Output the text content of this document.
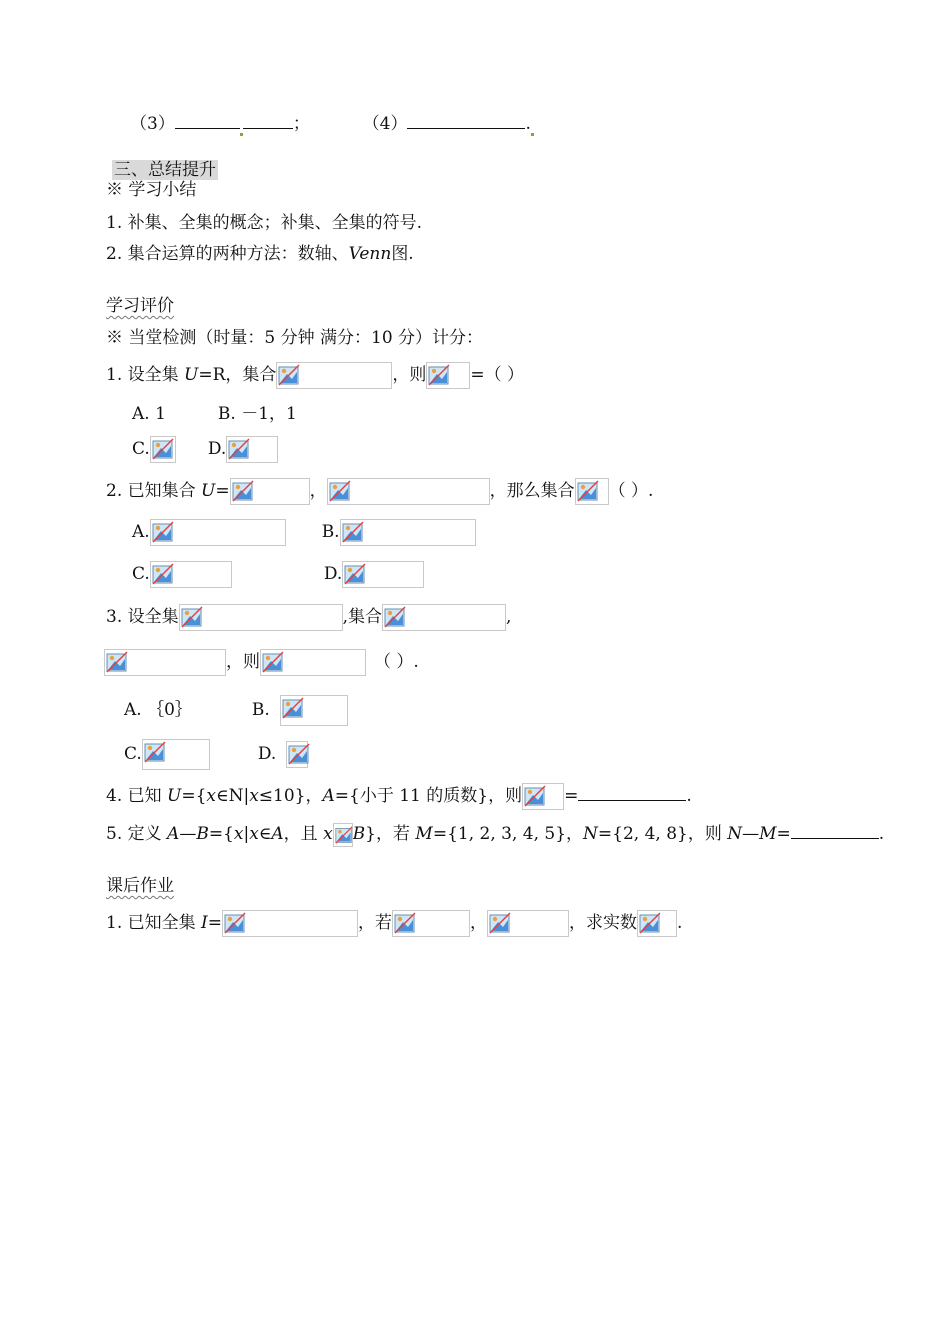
（3）	；	（4）	.
三、总结提升
※ 学习小结
1. 补集、全集的概念；补集、全集的符号.
2. 集合运算的两种方法：数轴、Venn图.
学习评价
※ 当堂检测（时量：5 分钟 满分：10 分）计分：
1. 设全集 U=R，集合	，则	=（ ）
A. 1	B. －1，1
C.	D.
2. 已知集合 U=	，	，那么集合 （ ）.
A.	B.
C.	D.
3. 设全集	,集合	,
，则	（ ）.
A. ｛0｝	B.
C.	D.
4. 已知 U={x∈N|x≤10}，A={小于 11 的质数}，则 =	.
5. 定义 A—B={x|x∈A，且 x B}，若 M={1, 2, 3, 4, 5}，N={2, 4, 8}，则 N—M=	.
课后作业
1. 已知全集 I=	，若	，	，求实数 .
